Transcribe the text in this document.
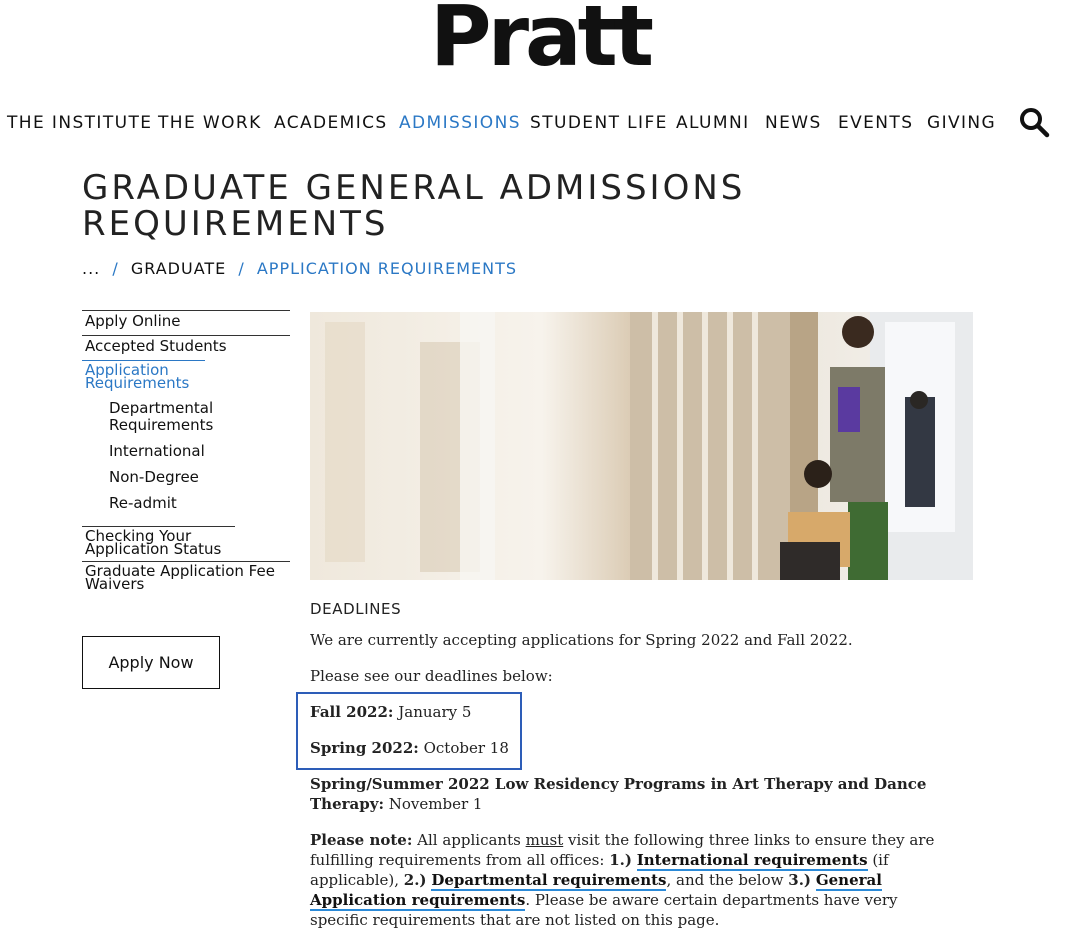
Pratt
THE INSTITUTE THE WORK ACADEMICS ADMISSIONS STUDENT LIFE ALUMNI NEWS EVENTS GIVING
GRADUATE GENERAL ADMISSIONS
REQUIREMENTS
... / GRADUATE / APPLICATION REQUIREMENTS
Apply Online
Accepted Students
Application Requirements
Departmental Requirements
International
Non-Degree
Re-admit
Checking Your Application Status
Graduate Application Fee Waivers
Apply Now
DEADLINES

We are currently accepting applications for Spring 2022 and Fall 2022.

Please see our deadlines below:

Fall 2022: January 5

Spring 2022: October 18

Spring/Summer 2022 Low Residency Programs in Art Therapy and Dance Therapy: November 1

Please note: All applicants must visit the following three links to ensure they are fulfilling requirements from all offices: 1.) International requirements (if applicable), 2.) Departmental requirements, and the below 3.) General Application requirements. Please be aware certain departments have very specific requirements that are not listed on this page.
